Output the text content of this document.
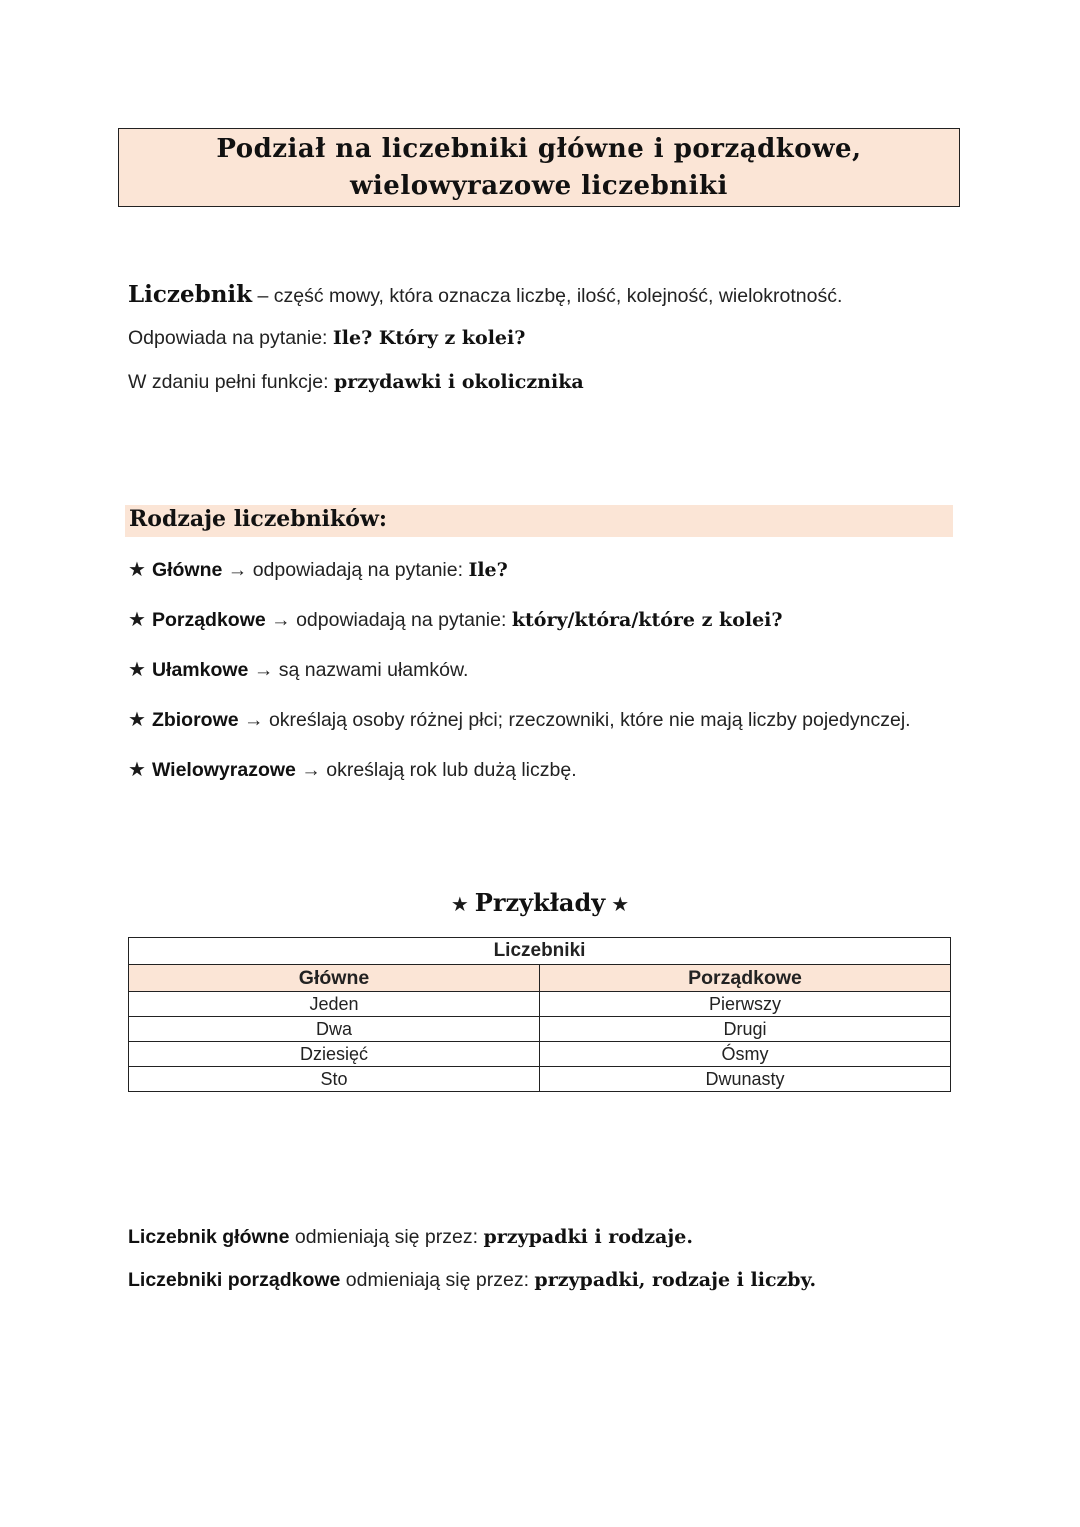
Podział na liczebniki główne i porządkowe,
wielowyrazowe liczebniki
Liczebnik – część mowy, która oznacza liczbę, ilość, kolejność, wielokrotność.
Odpowiada na pytanie: Ile? Który z kolei?
W zdaniu pełni funkcje: przydawki i okolicznika
Rodzaje liczebników:
★ Główne → odpowiadają na pytanie: Ile?
★ Porządkowe → odpowiadają na pytanie: który/która/które z kolei?
★ Ułamkowe → są nazwami ułamków.
★ Zbiorowe → określają osoby różnej płci; rzeczowniki, które nie mają liczby pojedynczej.
★ Wielowyrazowe → określają rok lub dużą liczbę.
★ Przykłady ★
Liczebniki	
Główne	Porządkowe
Jeden	Pierwszy
Dwa	Drugi
Dziesięć	Ósmy
Sto	Dwunasty
Liczebnik główne odmieniają się przez: przypadki i rodzaje.
Liczebniki porządkowe odmieniają się przez: przypadki, rodzaje i liczby.
